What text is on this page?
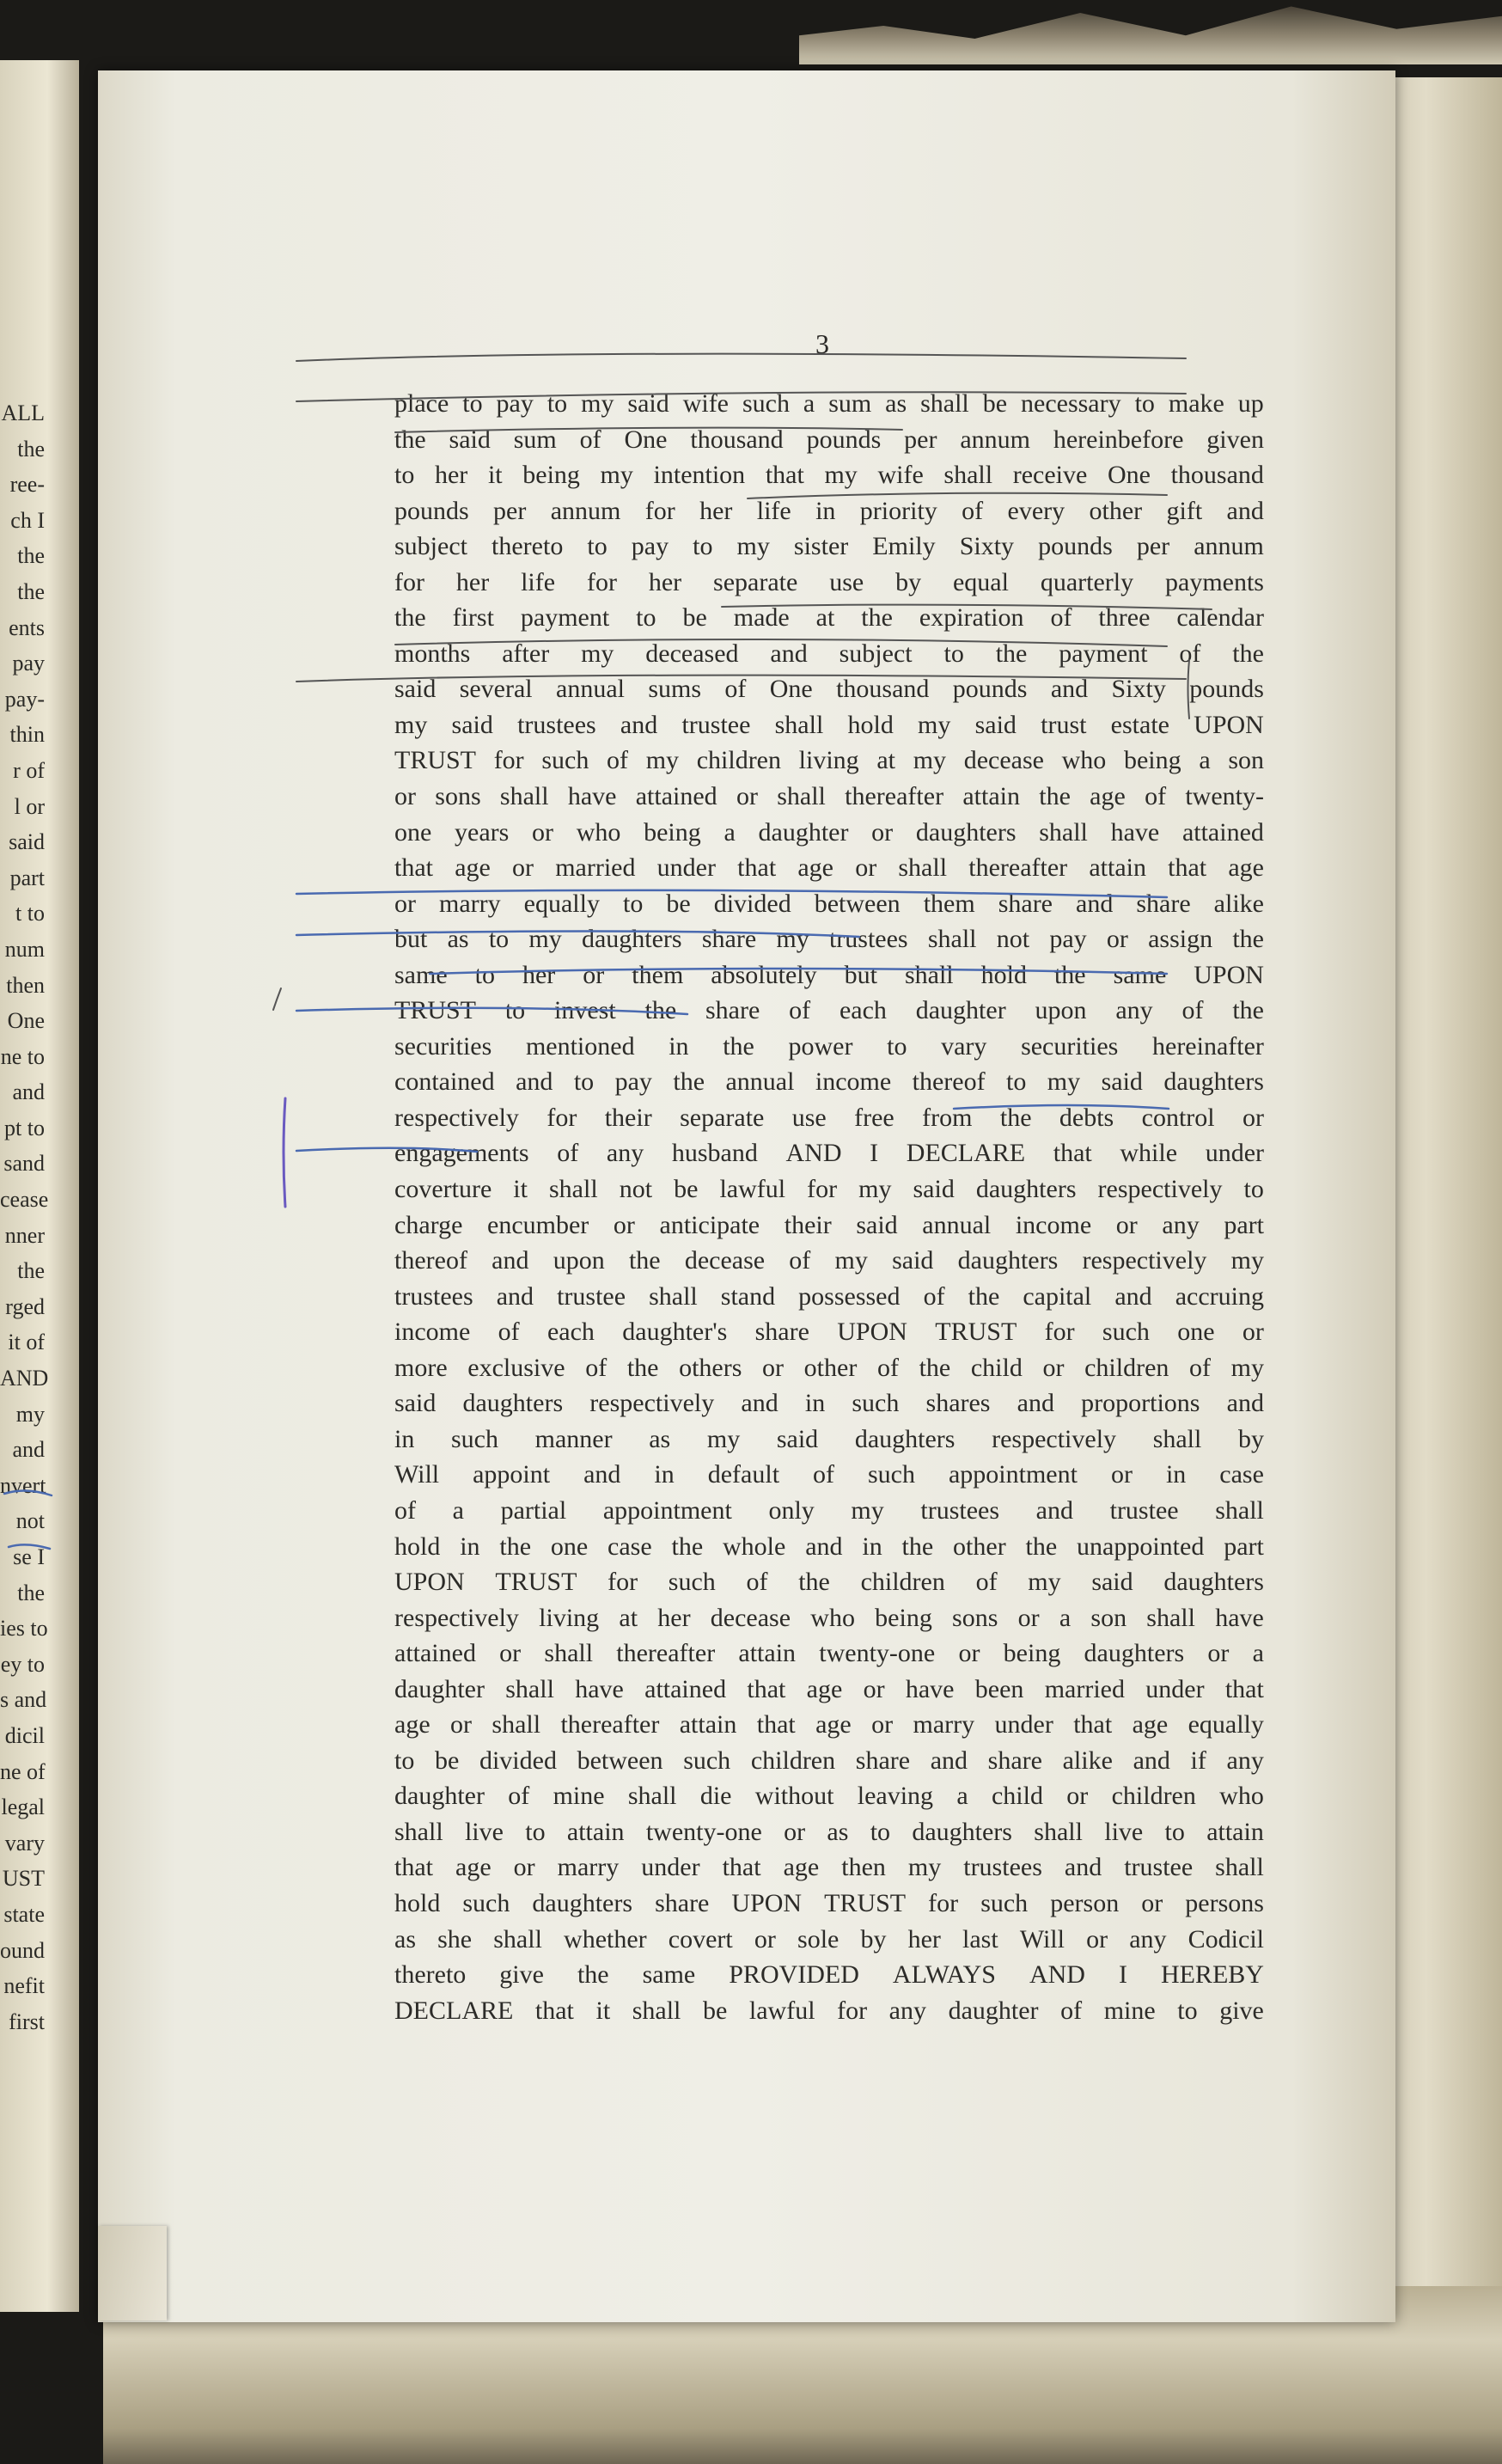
ALL
the
ree-
ch I
the
the
ents
pay
pay-
thin
r of
l or
said
part
t to
num
then
One
ne to
and
pt to
sand
cease
nner
the
rged
it of
AND
my
and
nvert
not
se I
the
ies to
ey to
s and
dicil
ne of
legal
vary
UST
state
ound
nefit
first
3
place to pay to my said wife such a sum as shall be necessary to make up
the said sum of One thousand pounds per annum hereinbefore given
to her it being my intention that my wife shall receive One thousand
pounds per annum for her life in priority of every other gift and
subject thereto to pay to my sister Emily Sixty pounds per annum
for her life for her separate use by equal quarterly payments
the first payment to be made at the expiration of three calendar
months after my deceased and subject to the payment of the
said several annual sums of One thousand pounds and Sixty pounds
my said trustees and trustee shall hold my said trust estate UPON
TRUST for such of my children living at my decease who being a son
or sons shall have attained or shall thereafter attain the age of twenty-
one years or who being a daughter or daughters shall have attained
that age or married under that age or shall thereafter attain that age
or marry equally to be divided between them share and share alike
but as to my daughters share my trustees shall not pay or assign the
same to her or them absolutely but shall hold the same UPON
TRUST to invest the share of each daughter upon any of the
securities mentioned in the power to vary securities hereinafter
contained and to pay the annual income thereof to my said daughters
respectively for their separate use free from the debts control or
engagements of any husband AND I DECLARE that while under
coverture it shall not be lawful for my said daughters respectively to
charge encumber or anticipate their said annual income or any part
thereof and upon the decease of my said daughters respectively my
trustees and trustee shall stand possessed of the capital and accruing
income of each daughter's share UPON TRUST for such one or
more exclusive of the others or other of the child or children of my
said daughters respectively and in such shares and proportions and
in such manner as my said daughters respectively shall by
Will appoint and in default of such appointment or in case
of a partial appointment only my trustees and trustee shall
hold in the one case the whole and in the other the unappointed part
UPON TRUST for such of the children of my said daughters
respectively living at her decease who being sons or a son shall have
attained or shall thereafter attain twenty-one or being daughters or a
daughter shall have attained that age or have been married under that
age or shall thereafter attain that age or marry under that age equally
to be divided between such children share and share alike and if any
daughter of mine shall die without leaving a child or children who
shall live to attain twenty-one or as to daughters shall live to attain
that age or marry under that age then my trustees and trustee shall
hold such daughters share UPON TRUST for such person or persons
as she shall whether covert or sole by her last Will or any Codicil
thereto give the same PROVIDED ALWAYS AND I HEREBY
DECLARE that it shall be lawful for any daughter of mine to give
